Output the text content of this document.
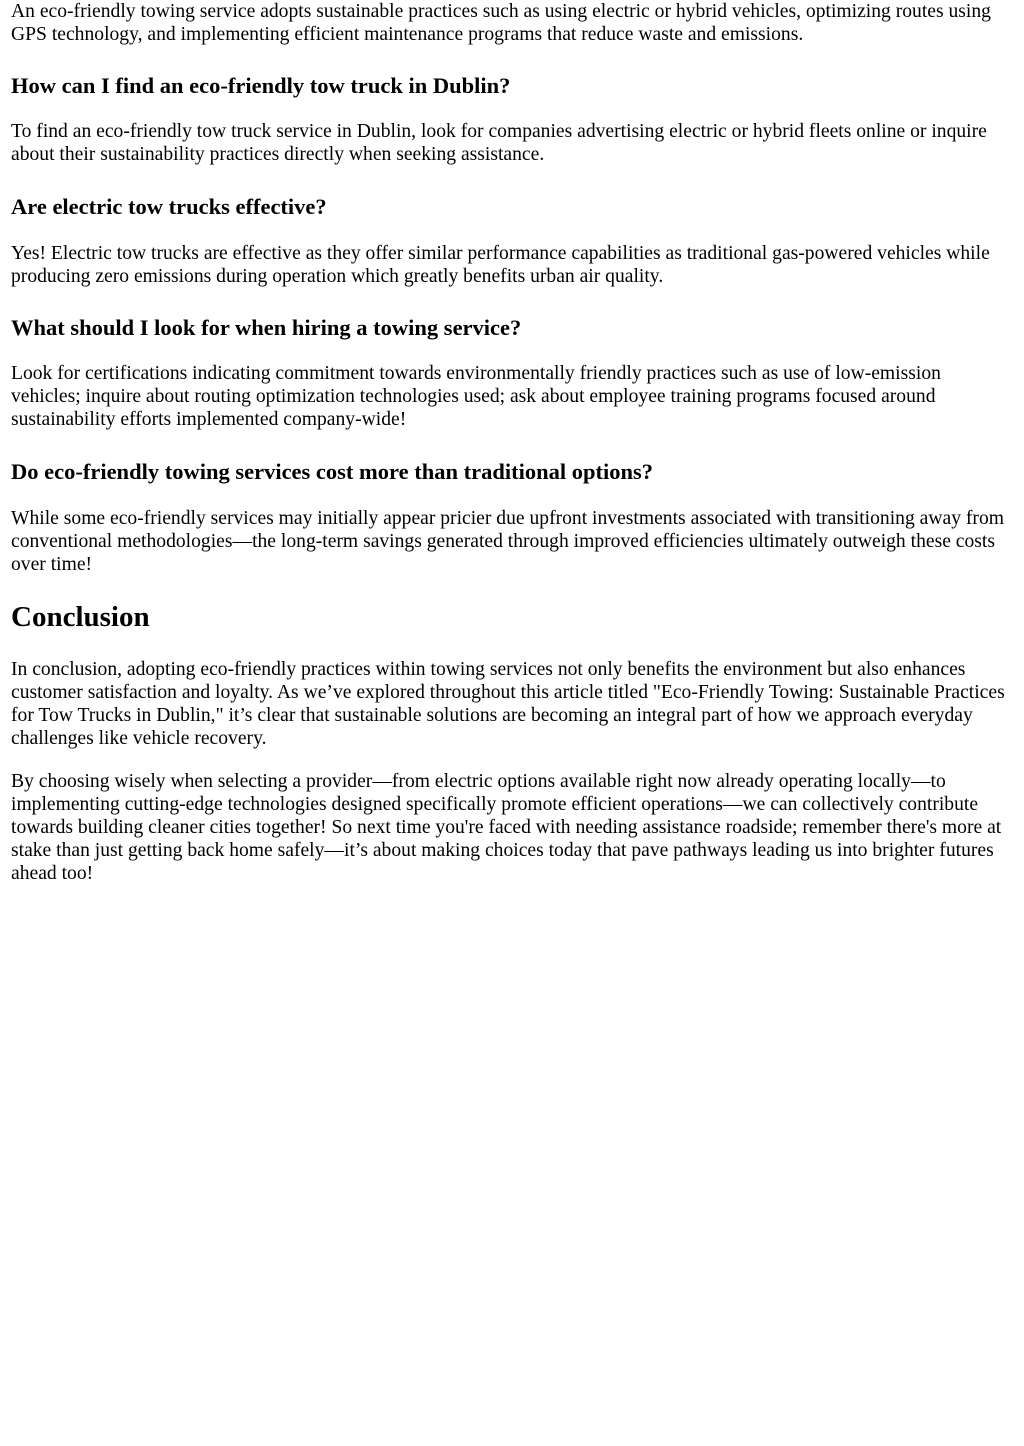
An eco-friendly towing service adopts sustainable practices such as using electric or hybrid vehicles, optimizing routes using GPS technology, and implementing efficient maintenance programs that reduce waste and emissions.

How can I find an eco-friendly tow truck in Dublin?

To find an eco-friendly tow truck service in Dublin, look for companies advertising electric or hybrid fleets online or inquire about their sustainability practices directly when seeking assistance.

Are electric tow trucks effective?

Yes! Electric tow trucks are effective as they offer similar performance capabilities as traditional gas-powered vehicles while producing zero emissions during operation which greatly benefits urban air quality.

What should I look for when hiring a towing service?

Look for certifications indicating commitment towards environmentally friendly practices such as use of low-emission vehicles; inquire about routing optimization technologies used; ask about employee training programs focused around sustainability efforts implemented company-wide!

Do eco-friendly towing services cost more than traditional options?

While some eco-friendly services may initially appear pricier due upfront investments associated with transitioning away from conventional methodologies—the long-term savings generated through improved efficiencies ultimately outweigh these costs over time!

Conclusion

In conclusion, adopting eco-friendly practices within towing services not only benefits the environment but also enhances customer satisfaction and loyalty. As we’ve explored throughout this article titled "Eco-Friendly Towing: Sustainable Practices for Tow Trucks in Dublin," it’s clear that sustainable solutions are becoming an integral part of how we approach everyday challenges like vehicle recovery.

By choosing wisely when selecting a provider—from electric options available right now already operating locally—to implementing cutting-edge technologies designed specifically promote efficient operations—we can collectively contribute towards building cleaner cities together! So next time you're faced with needing assistance roadside; remember there's more at stake than just getting back home safely—it’s about making choices today that pave pathways leading us into brighter futures ahead too!
